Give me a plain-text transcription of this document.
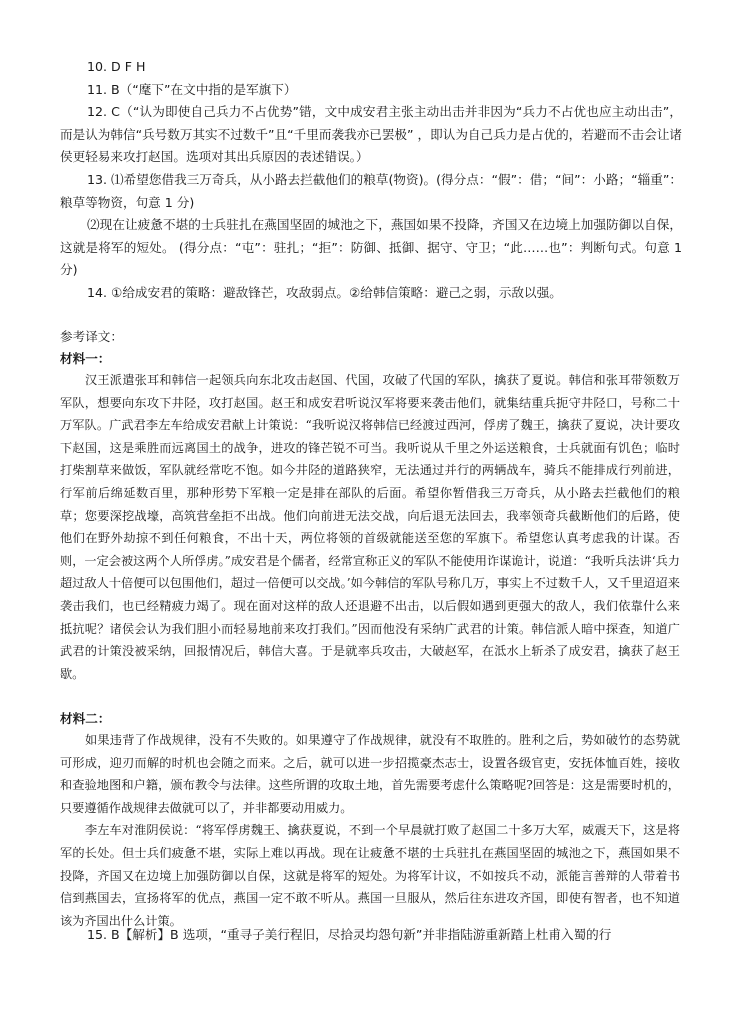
10. D F H

11. B（“麾下”在文中指的是军旗下）

12. C（“认为即使自己兵力不占优势”错，文中成安君主张主动出击并非因为“兵力不占优也应主动出击”，而是认为韩信“兵号数万其实不过数千”且“千里而袭我亦已罢极” ，即认为自己兵力是占优的，若避而不击会让诸侯更轻易来攻打赵国。选项对其出兵原因的表述错误。）

13. ⑴希望您借我三万奇兵，从小路去拦截他们的粮草(物资)。(得分点：“假”：借；“间”：小路；“辎重”：粮草等物资，句意 1 分)

⑵现在让疲惫不堪的士兵驻扎在燕国坚固的城池之下，燕国如果不投降，齐国又在边境上加强防御以自保，这就是将军的短处。 (得分点：“屯”：驻扎；“拒”：防御、抵御、据守、守卫；“此……也”：判断句式。句意 1 分)

14. ①给成安君的策略：避敌锋芒，攻敌弱点。②给韩信策略：避己之弱，示敌以强。

参考译文：
材料一：

汉王派遣张耳和韩信一起领兵向东北攻击赵国、代国，攻破了代国的军队，擒获了夏说。韩信和张耳带领数万军队，想要向东攻下井陉，攻打赵国。赵王和成安君听说汉军将要来袭击他们，就集结重兵扼守井陉口，号称二十万军队。广武君李左车给成安君献上计策说：“我听说汉将韩信已经渡过西河，俘虏了魏王，擒获了夏说，决计要攻下赵国，这是乘胜而远离国土的战争，进攻的锋芒锐不可当。我听说从千里之外运送粮食，士兵就面有饥色；临时打柴割草来做饭，军队就经常吃不饱。如今井陉的道路狭窄，无法通过并行的两辆战车，骑兵不能排成行列前进，行军前后绵延数百里，那种形势下军粮一定是排在部队的后面。希望你暂借我三万奇兵，从小路去拦截他们的粮草；您要深挖战壕，高筑营垒拒不出战。他们向前进无法交战，向后退无法回去，我率领奇兵截断他们的后路，使他们在野外劫掠不到任何粮食，不出十天，两位将领的首级就能送至您的军旗下。希望您认真考虑我的计谋。否则，一定会被这两个人所俘虏。”成安君是个儒者，经常宣称正义的军队不能使用诈谋诡计，说道：“我听兵法讲‘兵力超过敌人十倍便可以包围他们，超过一倍便可以交战。’如今韩信的军队号称几万，事实上不过数千人，又千里迢迢来袭击我们，也已经精疲力竭了。现在面对这样的敌人还退避不出击，以后假如遇到更强大的敌人，我们依靠什么来抵抗呢？诸侯会认为我们胆小而轻易地前来攻打我们。”因而他没有采纳广武君的计策。韩信派人暗中探查，知道广武君的计策没被采纳，回报情况后，韩信大喜。于是就率兵攻击，大破赵军，在泜水上斩杀了成安君，擒获了赵王歇。

材料二：

如果违背了作战规律，没有不失败的。如果遵守了作战规律，就没有不取胜的。胜利之后，势如破竹的态势就可形成，迎刃而解的时机也会随之而来。之后，就可以进一步招揽豪杰志士，设置各级官吏，安抚体恤百姓，接收和查验地图和户籍，颁布教令与法律。这些所谓的攻取土地，首先需要考虑什么策略呢?回答是：这是需要时机的，只要遵循作战规律去做就可以了，并非都要动用威力。

李左车对淮阴侯说：“将军俘虏魏王、擒获夏说，不到一个早晨就打败了赵国二十多万大军，威震天下，这是将军的长处。但士兵们疲惫不堪，实际上难以再战。现在让疲惫不堪的士兵驻扎在燕国坚固的城池之下，燕国如果不投降，齐国又在边境上加强防御以自保，这就是将军的短处。为将军计议，不如按兵不动，派能言善辩的人带着书信到燕国去，宣扬将军的优点，燕国一定不敢不听从。燕国一旦服从，然后往东进攻齐国，即使有智者，也不知道该为齐国出什么计策。

15. B【解析】B 选项，“重寻子美行程旧，尽拾灵均怨句新”并非指陆游重新踏上杜甫入蜀的行
